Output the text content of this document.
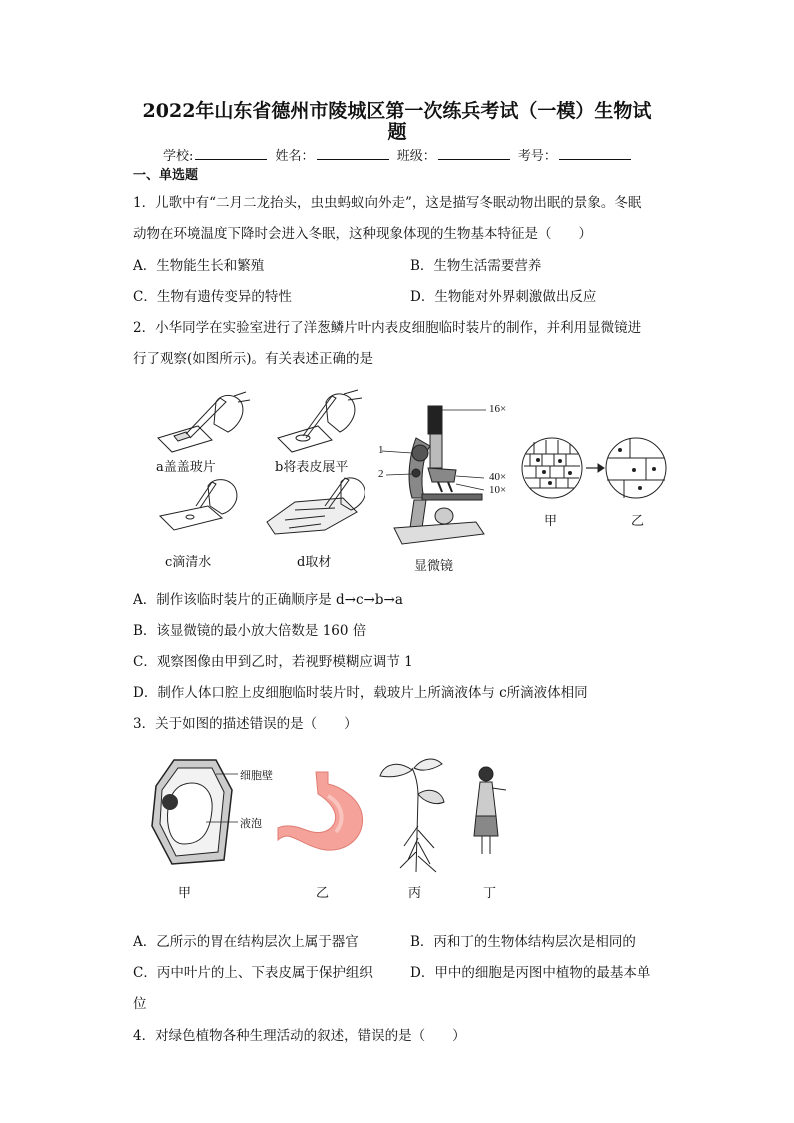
2022年山东省德州市陵城区第一次练兵考试（一模）生物试
题
学校:	姓名：	班级：	考号：
一、单选题
1．儿歌中有“二月二龙抬头，虫虫蚂蚁向外走”，这是描写冬眠动物出眠的景象。冬眠
动物在环境温度下降时会进入冬眠，这种现象体现的生物基本特征是（　　）
A．生物能生长和繁殖	B．生物生活需要营养
C．生物有遗传变异的特性	D．生物能对外界刺激做出反应
2．小华同学在实验室进行了洋葱鳞片叶内表皮细胞临时装片的制作，并利用显微镜进
行了观察(如图所示)。有关表述正确的是
a盖盖玻片	b将表皮展平
c滴清水	d取材
16×
40×
10×
1
2
显微镜
甲	乙
A．制作该临时装片的正确顺序是 d→c→b→a
B．该显微镜的最小放大倍数是 160 倍
C．观察图像由甲到乙时，若视野模糊应调节 1
D．制作人体口腔上皮细胞临时装片时，载玻片上所滴液体与 c所滴液体相同
3．关于如图的描述错误的是（　　）
细胞壁
液泡
甲	乙	丙	丁
A．乙所示的胃在结构层次上属于器官	B．丙和丁的生物体结构层次是相同的
C．丙中叶片的上、下表皮属于保护组织	D．甲中的细胞是丙图中植物的最基本单
位
4．对绿色植物各种生理活动的叙述，错误的是（　　）
